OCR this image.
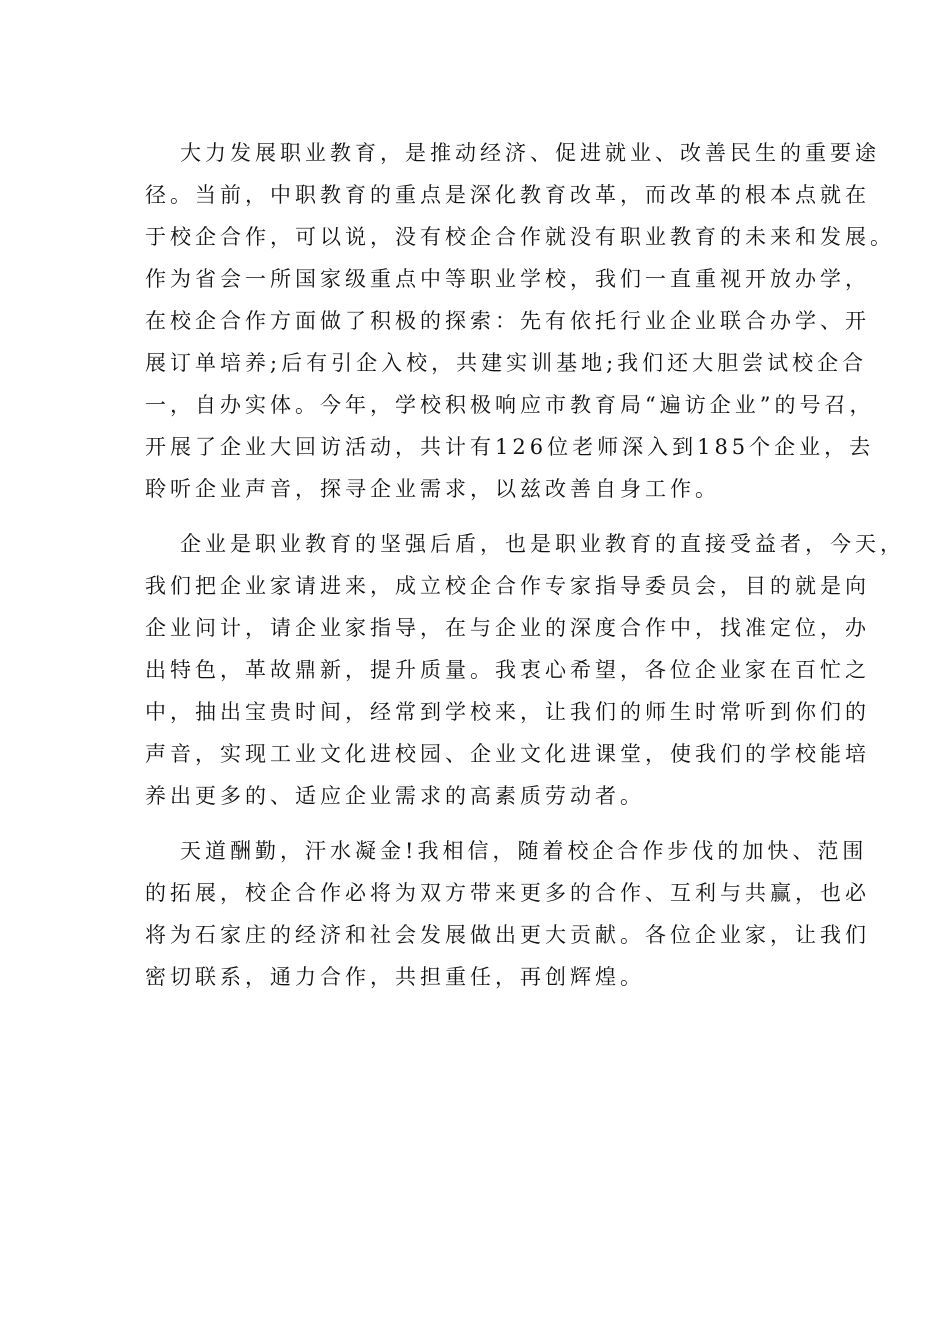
大力发展职业教育，是推动经济、促进就业、改善民生的重要途

径。当前，中职教育的重点是深化教育改革，而改革的根本点就在

于校企合作，可以说，没有校企合作就没有职业教育的未来和发展。

作为省会一所国家级重点中等职业学校，我们一直重视开放办学，

在校企合作方面做了积极的探索：先有依托行业企业联合办学、开

展订单培养;后有引企入校，共建实训基地;我们还大胆尝试校企合

一，自办实体。今年，学校积极响应市教育局“遍访企业”的号召，

开展了企业大回访活动，共计有126位老师深入到185个企业，去

聆听企业声音，探寻企业需求，以兹改善自身工作。

企业是职业教育的坚强后盾，也是职业教育的直接受益者，今天，

我们把企业家请进来，成立校企合作专家指导委员会，目的就是向

企业问计，请企业家指导，在与企业的深度合作中，找准定位，办

出特色，革故鼎新，提升质量。我衷心希望，各位企业家在百忙之

中，抽出宝贵时间，经常到学校来，让我们的师生时常听到你们的

声音，实现工业文化进校园、企业文化进课堂，使我们的学校能培

养出更多的、适应企业需求的高素质劳动者。

天道酬勤，汗水凝金!我相信，随着校企合作步伐的加快、范围

的拓展，校企合作必将为双方带来更多的合作、互利与共赢，也必

将为石家庄的经济和社会发展做出更大贡献。各位企业家，让我们

密切联系，通力合作，共担重任，再创辉煌。
